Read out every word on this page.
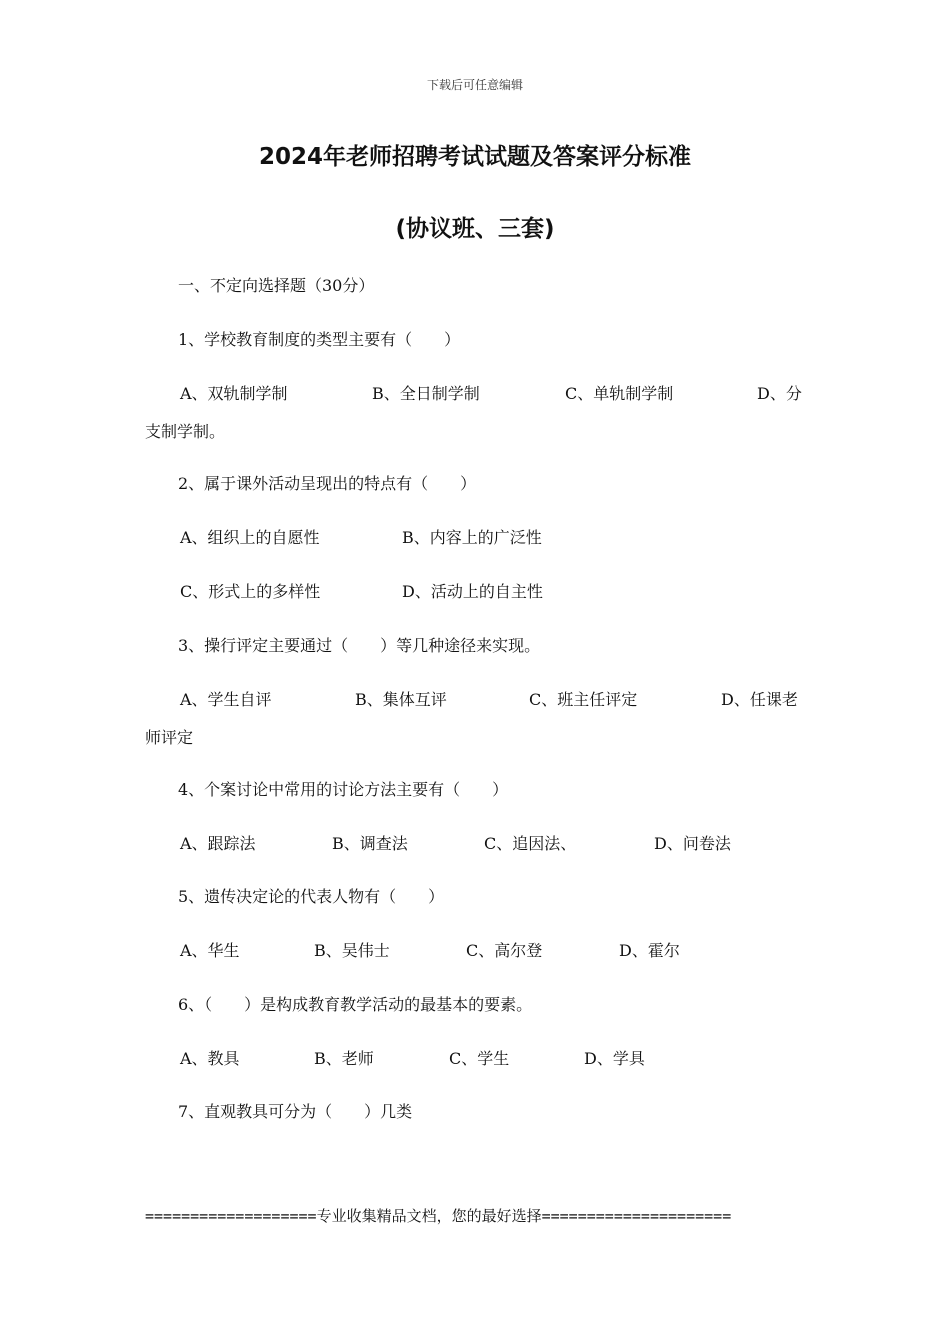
下载后可任意编辑
2024年老师招聘考试试题及答案评分标准
(协议班、三套)
一、不定向选择题（30分）
1、学校教育制度的类型主要有（　　）
A、双轨制学制	B、全日制学制	C、单轨制学制	D、分
支制学制。
2、属于课外活动呈现出的特点有（　　）
A、组织上的自愿性	B、内容上的广泛性
C、形式上的多样性	D、活动上的自主性
3、操行评定主要通过（　　）等几种途径来实现。
A、学生自评	B、集体互评	C、班主任评定	D、任课老
师评定
4、个案讨论中常用的讨论方法主要有（　　）
A、跟踪法	B、调查法	C、追因法、	D、问卷法
5、遗传决定论的代表人物有（　　）
A、华生	B、吴伟士	C、高尔登	D、霍尔
6、（　　）是构成教育教学活动的最基本的要素。
A、教具	B、老师	C、学生	D、学具
7、直观教具可分为（　　）几类
===================专业收集精品文档，您的最好选择=====================
